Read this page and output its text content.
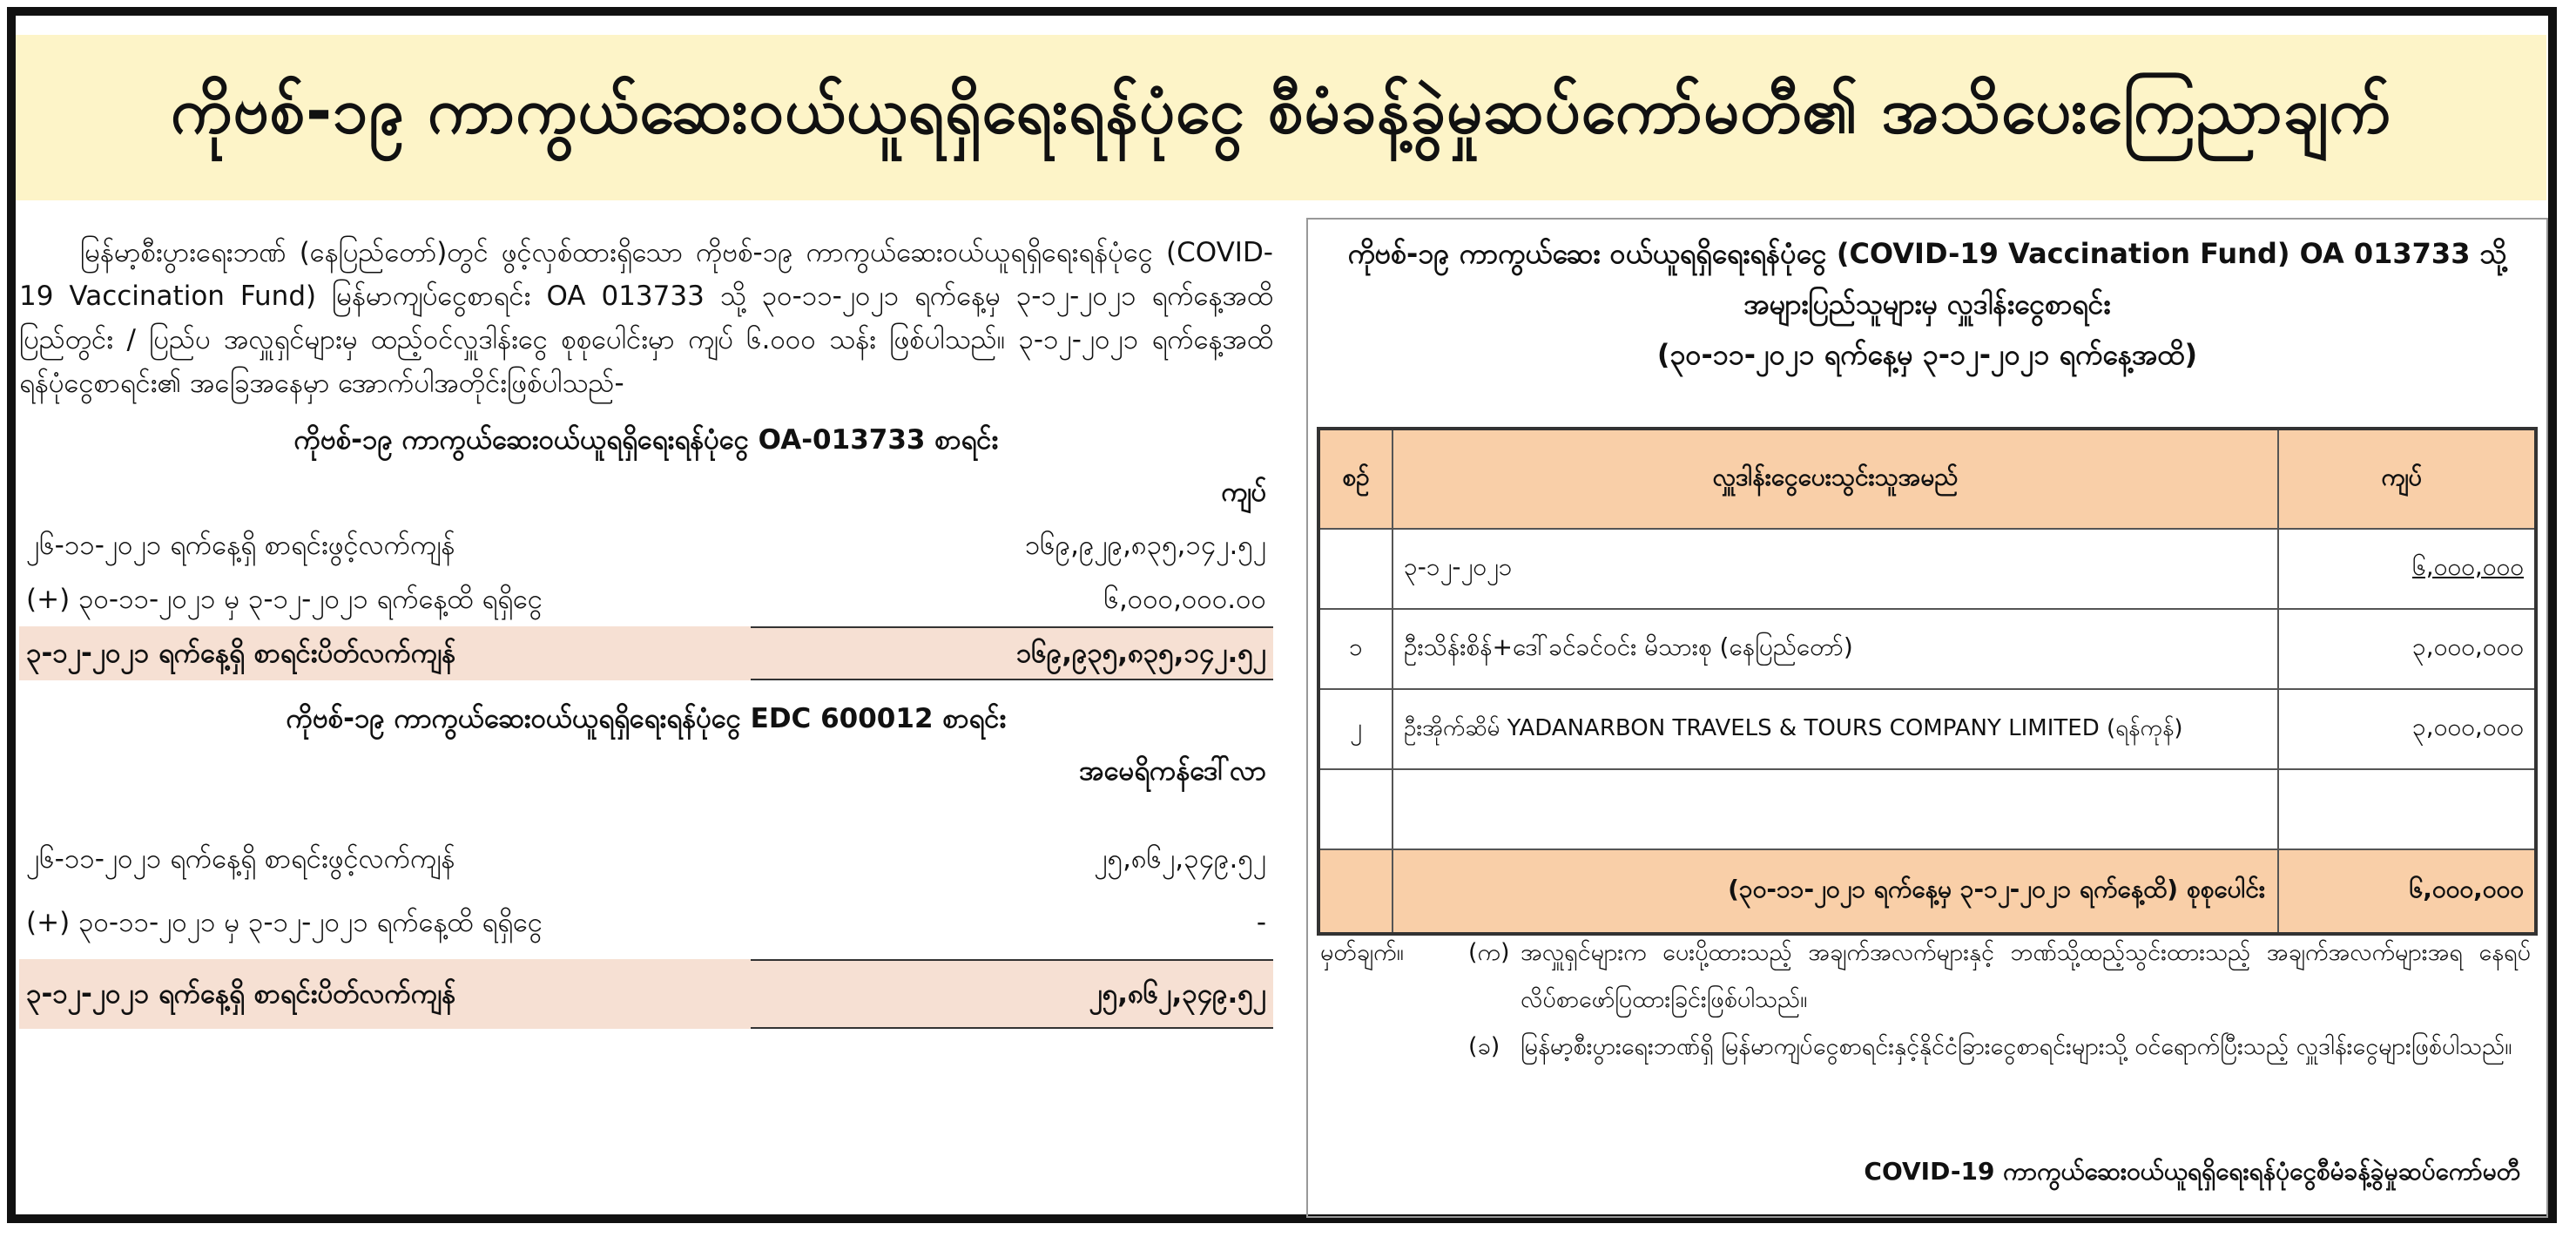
ကိုဗစ်-၁၉ ကာကွယ်ဆေးဝယ်ယူရရှိရေးရန်ပုံငွေ စီမံခန့်ခွဲမှုဆပ်ကော်မတီ၏ အသိပေးကြေညာချက်

မြန်မာ့စီးပွားရေးဘဏ် (နေပြည်တော်)တွင် ဖွင့်လှစ်ထားရှိသော ကိုဗစ်-၁၉ ကာကွယ်ဆေးဝယ်ယူရရှိရေးရန်ပုံငွေ (COVID-19 Vaccination Fund) မြန်မာကျပ်ငွေစာရင်း OA 013733 သို့ ၃၀-၁၁-၂၀၂၁ ရက်နေ့မှ ၃-၁၂-၂၀၂၁ ရက်နေ့အထိ ပြည်တွင်း / ပြည်ပ အလှူရှင်များမှ ထည့်ဝင်လှူဒါန်းငွေ စုစုပေါင်းမှာ ကျပ် ၆.၀၀၀ သန်း ဖြစ်ပါသည်။ ၃-၁၂-၂၀၂၁ ရက်နေ့အထိ ရန်ပုံငွေစာရင်း၏ အခြေအနေမှာ အောက်ပါအတိုင်းဖြစ်ပါသည်-

ကိုဗစ်-၁၉ ကာကွယ်ဆေးဝယ်ယူရရှိရေးရန်ပုံငွေ OA-013733 စာရင်း
ကျပ်
၂၆-၁၁-၂၀၂၁ ရက်နေ့ရှိ စာရင်းဖွင့်လက်ကျန်	၁၆၉,၉၂၉,၈၃၅,၁၄၂.၅၂
(+) ၃၀-၁၁-၂၀၂၁ မှ ၃-၁၂-၂၀၂၁ ရက်နေ့ထိ ရရှိငွေ	၆,၀၀၀,၀၀၀.၀၀
၃-၁၂-၂၀၂၁ ရက်နေ့ရှိ စာရင်းပိတ်လက်ကျန်	၁၆၉,၉၃၅,၈၃၅,၁၄၂.၅၂
ကိုဗစ်-၁၉ ကာကွယ်ဆေးဝယ်ယူရရှိရေးရန်ပုံငွေ EDC 600012 စာရင်း
အမေရိကန်ဒေါ်လာ
၂၆-၁၁-၂၀၂၁ ရက်နေ့ရှိ စာရင်းဖွင့်လက်ကျန်	၂၅,၈၆၂,၃၄၉.၅၂
(+) ၃၀-၁၁-၂၀၂၁ မှ ၃-၁၂-၂၀၂၁ ရက်နေ့ထိ ရရှိငွေ	-
၃-၁၂-၂၀၂၁ ရက်နေ့ရှိ စာရင်းပိတ်လက်ကျန်	၂၅,၈၆၂,၃၄၉.၅၂
ကိုဗစ်-၁၉ ကာကွယ်ဆေး ဝယ်ယူရရှိရေးရန်ပုံငွေ (COVID-19 Vaccination Fund) OA 013733 သို့
အများပြည်သူများမှ လှူဒါန်းငွေစာရင်း
(၃၀-၁၁-၂၀၂၁ ရက်နေ့မှ ၃-၁၂-၂၀၂၁ ရက်နေ့အထိ)
စဉ်	လှူဒါန်းငွေပေးသွင်းသူအမည်	ကျပ်
	၃-၁၂-၂၀၂၁	၆,၀၀၀,၀၀၀
၁	ဦးသိန်းစိန်+ဒေါ်ခင်ခင်ဝင်း မိသားစု (နေပြည်တော်)	၃,၀၀၀,၀၀၀
၂	ဦးအိုက်ဆိမ် YADANARBON TRAVELS & TOURS COMPANY LIMITED (ရန်ကုန်)	၃,၀၀၀,၀၀၀

	(၃၀-၁၁-၂၀၂၁ ရက်နေ့မှ ၃-၁၂-၂၀၂၁ ရက်နေ့ထိ) စုစုပေါင်း	၆,၀၀၀,၀၀၀
မှတ်ချက်။	(က) အလှူရှင်များက ပေးပို့ထားသည့် အချက်အလက်များနှင့် ဘဏ်သို့ထည့်သွင်းထားသည့် အချက်အလက်များအရ နေရပ်လိပ်စာဖော်ပြထားခြင်းဖြစ်ပါသည်။
(ခ) မြန်မာ့စီးပွားရေးဘဏ်ရှိ မြန်မာကျပ်ငွေစာရင်းနှင့်နိုင်ငံခြားငွေစာရင်းများသို့ ဝင်ရောက်ပြီးသည့် လှူဒါန်းငွေများဖြစ်ပါသည်။
COVID-19 ကာကွယ်ဆေးဝယ်ယူရရှိရေးရန်ပုံငွေစီမံခန့်ခွဲမှုဆပ်ကော်မတီ
